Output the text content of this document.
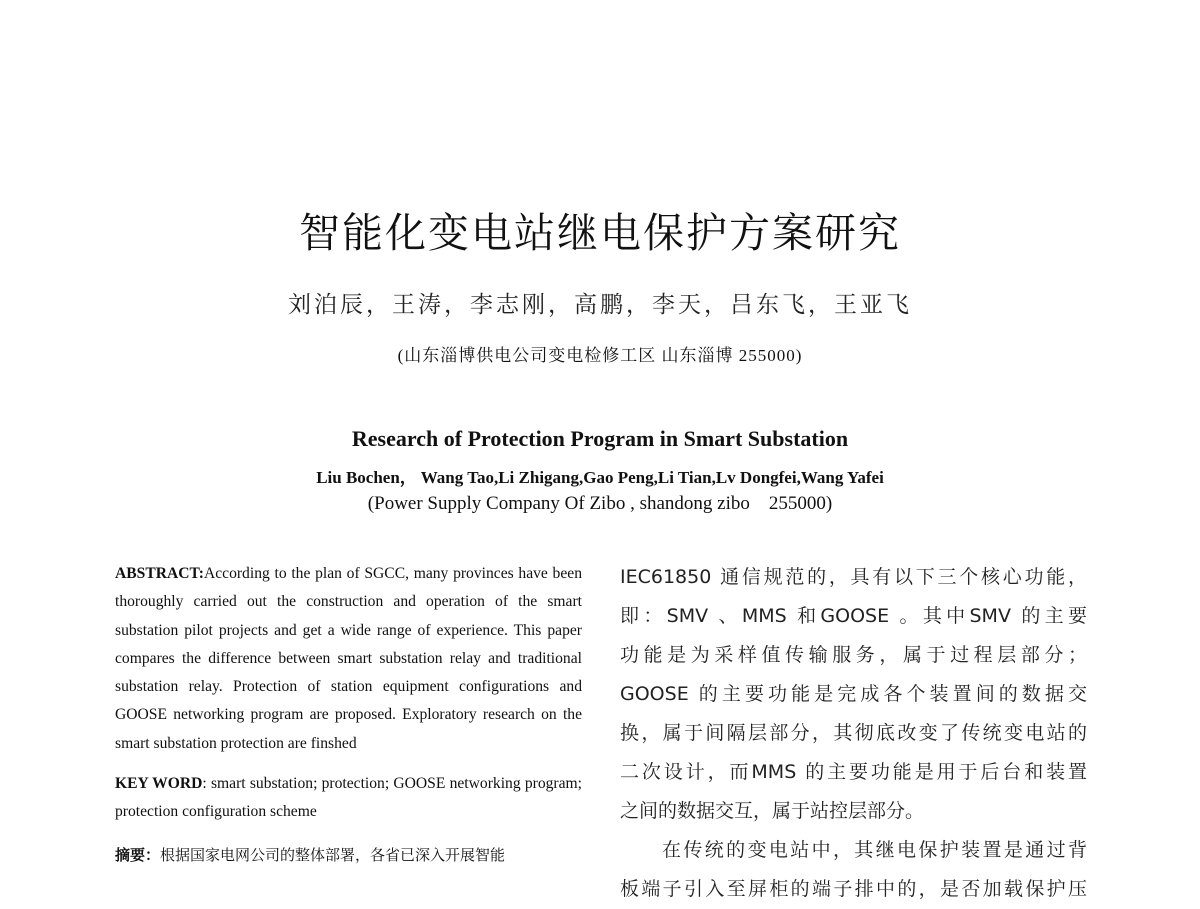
智能化变电站继电保护方案研究
刘泊辰，王涛，李志刚，高鹏，李天，吕东飞，王亚飞
(山东淄博供电公司变电检修工区 山东淄博 255000)
Research of Protection Program in Smart Substation
Liu Bochen， Wang Tao,Li Zhigang,Gao Peng,Li Tian,Lv Dongfei,Wang Yafei
(Power Supply Company Of Zibo , shandong zibo    255000)

ABSTRACT:According to the plan of SGCC, many provinces have been thoroughly carried out the construction and operation of the smart substation pilot projects and get a wide range of experience. This paper compares the difference between smart substation relay and traditional substation relay. Protection of station equipment configurations and GOOSE networking program are proposed. Exploratory research on the smart substation protection are finshed

KEY WORD: smart substation; protection; GOOSE networking program; protection configuration scheme

摘要：根据国家电网公司的整体部署，各省已深入开展智能

IEC61850 通信规范的，具有以下三个核心功能，
即：SMV 、MMS 和GOOSE 。其中SMV 的主要
功能是为采样值传输服务，属于过程层部分；
GOOSE 的主要功能是完成各个装置间的数据交
换，属于间隔层部分，其彻底改变了传统变电站的
二次设计，而MMS 的主要功能是用于后台和装置
之间的数据交互，属于站控层部分。
在传统的变电站中，其继电保护装置是通过背
板端子引入至屏柜的端子排中的，是否加载保护压
